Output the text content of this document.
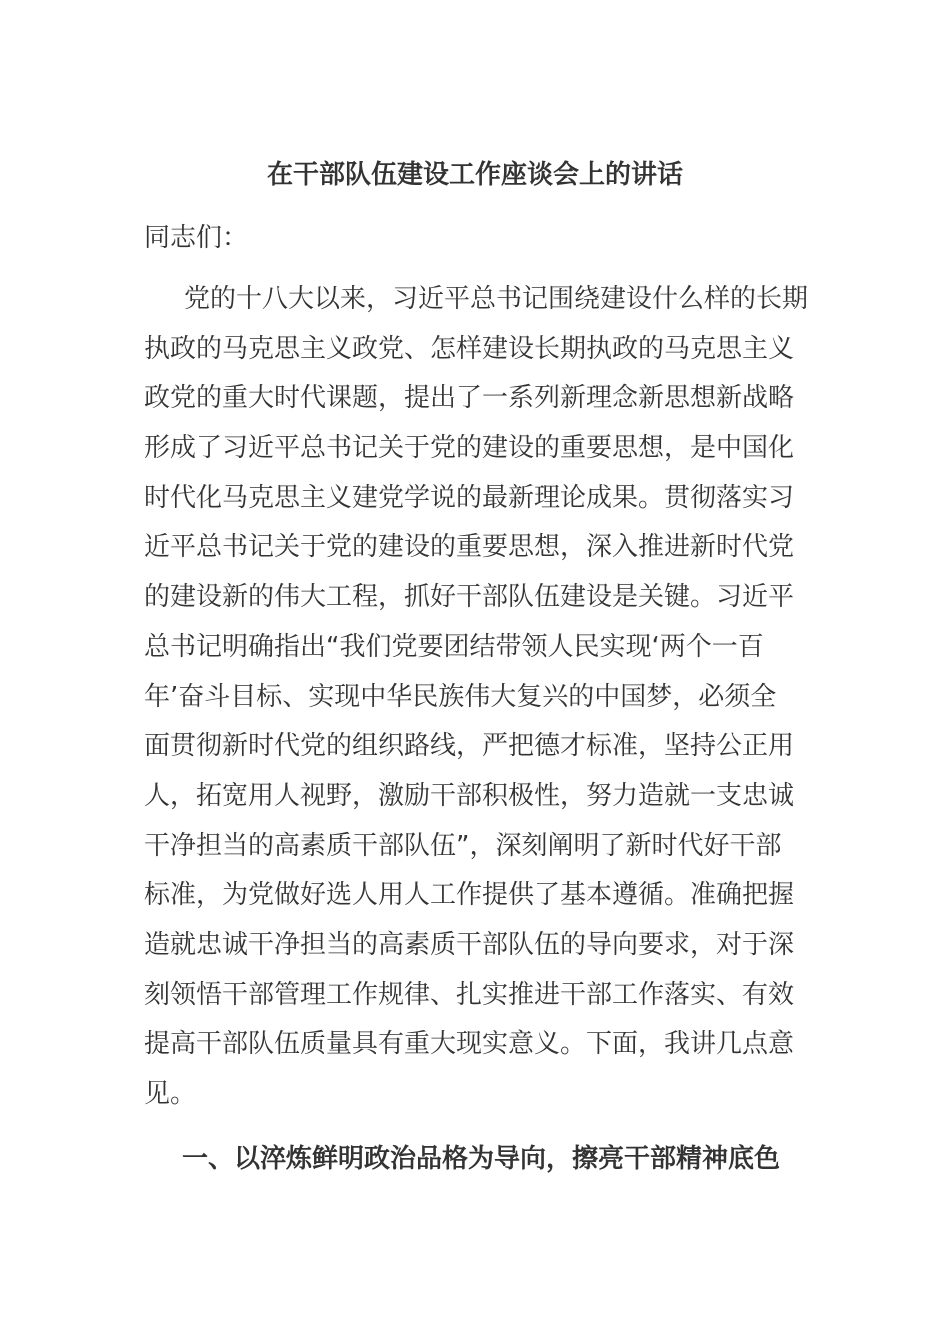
在干部队伍建设工作座谈会上的讲话
同志们：
党的十八大以来，习近平总书记围绕建设什么样的长期
执政的马克思主义政党、怎样建设长期执政的马克思主义
政党的重大时代课题，提出了一系列新理念新思想新战略
形成了习近平总书记关于党的建设的重要思想，是中国化
时代化马克思主义建党学说的最新理论成果。贯彻落实习
近平总书记关于党的建设的重要思想，深入推进新时代党
的建设新的伟大工程，抓好干部队伍建设是关键。习近平
总书记明确指出“我们党要团结带领人民实现‘两个一百
年’奋斗目标、实现中华民族伟大复兴的中国梦，必须全
面贯彻新时代党的组织路线，严把德才标准，坚持公正用
人，拓宽用人视野，激励干部积极性，努力造就一支忠诚
干净担当的高素质干部队伍”，深刻阐明了新时代好干部
标准，为党做好选人用人工作提供了基本遵循。准确把握
造就忠诚干净担当的高素质干部队伍的导向要求，对于深
刻领悟干部管理工作规律、扎实推进干部工作落实、有效
提高干部队伍质量具有重大现实意义。下面，我讲几点意
见。
一、以淬炼鲜明政治品格为导向，擦亮干部精神底色
